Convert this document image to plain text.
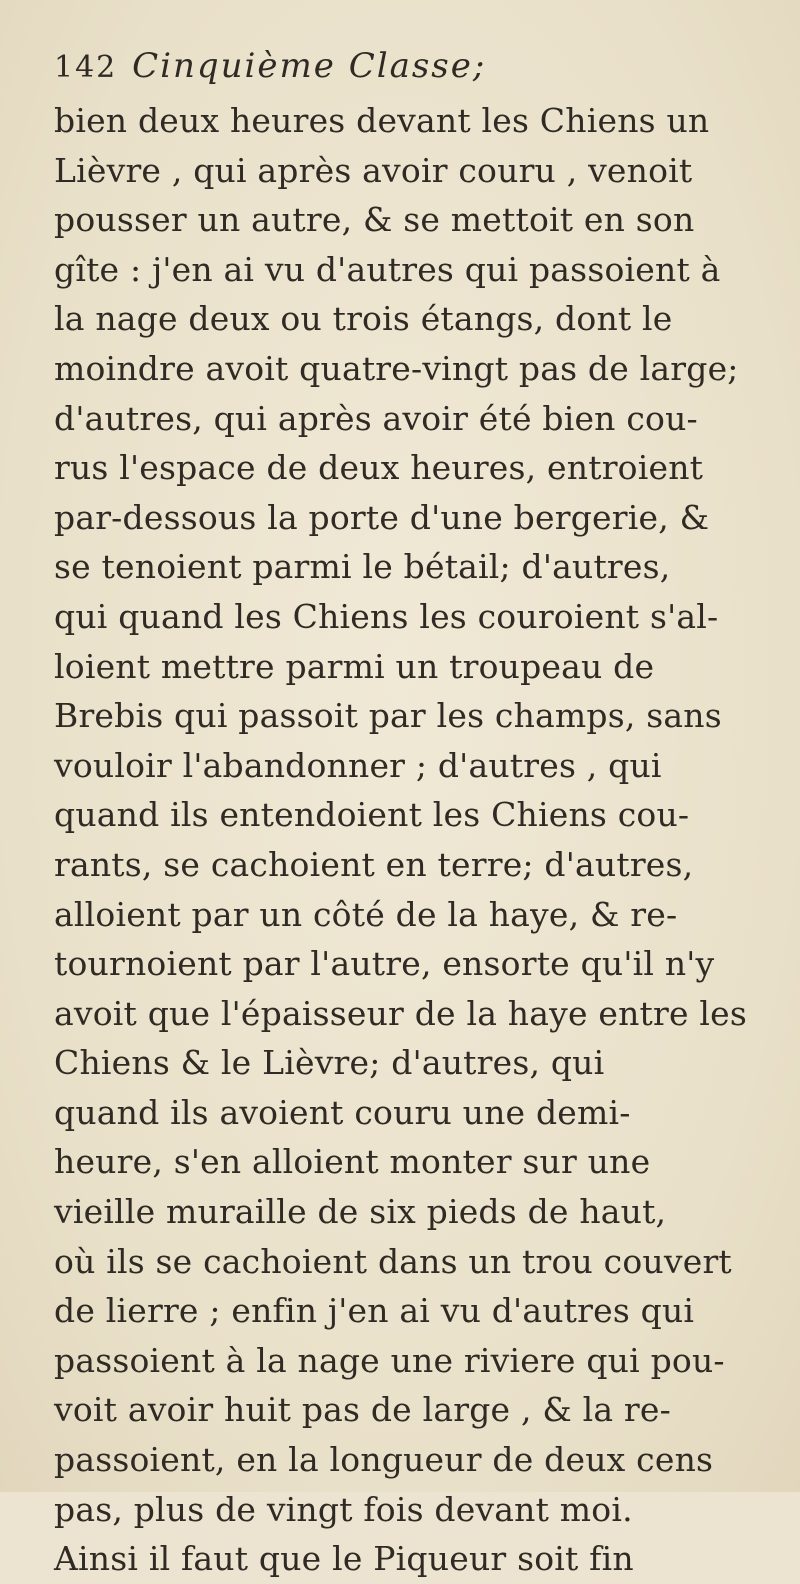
142 Cinquième Classe;
bien deux heures devant les Chiens un
Lièvre , qui après avoir couru , venoit
pousser un autre, & se mettoit en son
gîte : j'en ai vu d'autres qui passoient à
la nage deux ou trois étangs, dont le
moindre avoit quatre-vingt pas de large;
d'autres, qui après avoir été bien cou-
rus l'espace de deux heures, entroient
par-dessous la porte d'une bergerie, &
se tenoient parmi le bétail; d'autres,
qui quand les Chiens les couroient s'al-
loient mettre parmi un troupeau de
Brebis qui passoit par les champs, sans
vouloir l'abandonner ; d'autres , qui
quand ils entendoient les Chiens cou-
rants, se cachoient en terre; d'autres,
alloient par un côté de la haye, & re-
tournoient par l'autre, ensorte qu'il n'y
avoit que l'épaisseur de la haye entre les
Chiens & le Lièvre; d'autres, qui
quand ils avoient couru une demi-
heure, s'en alloient monter sur une
vieille muraille de six pieds de haut,
où ils se cachoient dans un trou couvert
de lierre ; enfin j'en ai vu d'autres qui
passoient à la nage une riviere qui pou-
voit avoir huit pas de large , & la re-
passoient, en la longueur de deux cens
pas, plus de vingt fois devant moi.
Ainsi il faut que le Piqueur soit fin
